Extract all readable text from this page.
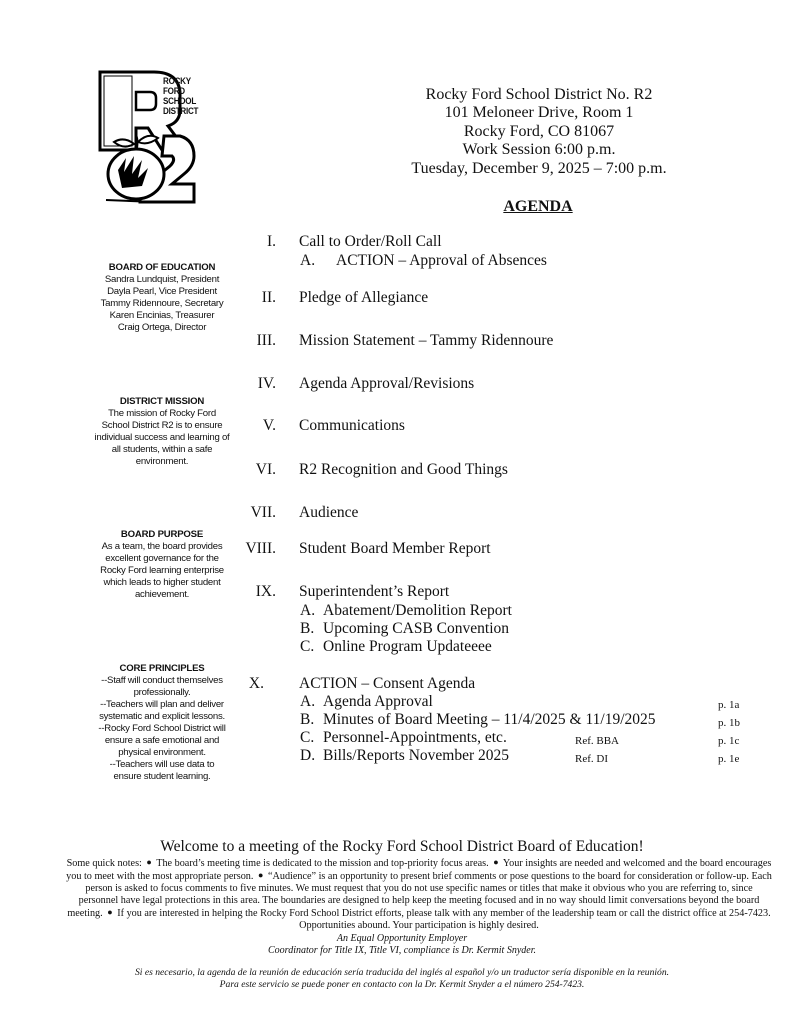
ROCKY
FORD
SCHOOL
DISTRICT
Rocky Ford School District No. R2
101 Meloneer Drive, Room 1
Rocky Ford, CO 81067
Work Session 6:00 p.m.
Tuesday, December 9, 2025 – 7:00 p.m.
AGENDA
BOARD OF EDUCATION

Sandra Lundquist, President

Dayla Pearl, Vice President

Tammy Ridennoure, Secretary

Karen Encinias, Treasurer

Craig Ortega, Director

DISTRICT MISSION

The mission of Rocky Ford

School District R2 is to ensure

individual success and learning of

all students, within a safe

environment.

BOARD PURPOSE

As a team, the board provides

excellent governance for the

Rocky Ford learning enterprise

which leads to higher student

achievement.

CORE PRINCIPLES

--Staff will conduct themselves

professionally.

--Teachers will plan and deliver

systematic and explicit lessons.

--Rocky Ford School District will

ensure a safe emotional and

physical environment.

--Teachers will use data to

ensure student learning.

I. Call to Order/Roll Call
A. ACTION – Approval of Absences
II. Pledge of Allegiance
III. Mission Statement – Tammy Ridennoure
IV. Agenda Approval/Revisions
V. Communications
VI. R2 Recognition and Good Things
VII. Audience
VIII. Student Board Member Report
IX. Superintendent’s Report
A. Abatement/Demolition Report
B. Upcoming CASB Convention
C. Online Program Updateeee
X. ACTION – Consent Agenda
A. Agenda Approval	p. 1a
B. Minutes of Board Meeting – 11/4/2025 & 11/19/2025	p. 1b
C. Personnel-Appointments, etc.	Ref. BBA	p. 1c
D. Bills/Reports November 2025	Ref. DI	p. 1e
Welcome to a meeting of the Rocky Ford School District Board of Education!
Some quick notes: ● The board’s meeting time is dedicated to the mission and top-priority focus areas. ● Your insights are needed and welcomed and the board encourages you to meet with the most appropriate person. ● “Audience” is an opportunity to present brief comments or pose questions to the board for consideration or follow-up. Each person is asked to focus comments to five minutes. We must request that you do not use specific names or titles that make it obvious who you are referring to, since personnel have legal protections in this area. The boundaries are designed to help keep the meeting focused and in no way should limit conversations beyond the board meeting. ● If you are interested in helping the Rocky Ford School District efforts, please talk with any member of the leadership team or call the district office at 254-7423. Opportunities abound. Your participation is highly desired.
An Equal Opportunity Employer
Coordinator for Title IX, Title VI, compliance is Dr. Kermit Snyder.
Si es necesario, la agenda de la reunión de educación sería traducida del inglés al español y/o un traductor sería disponible en la reunión.
Para este servicio se puede poner en contacto con la Dr. Kermit Snyder a el número 254-7423.
